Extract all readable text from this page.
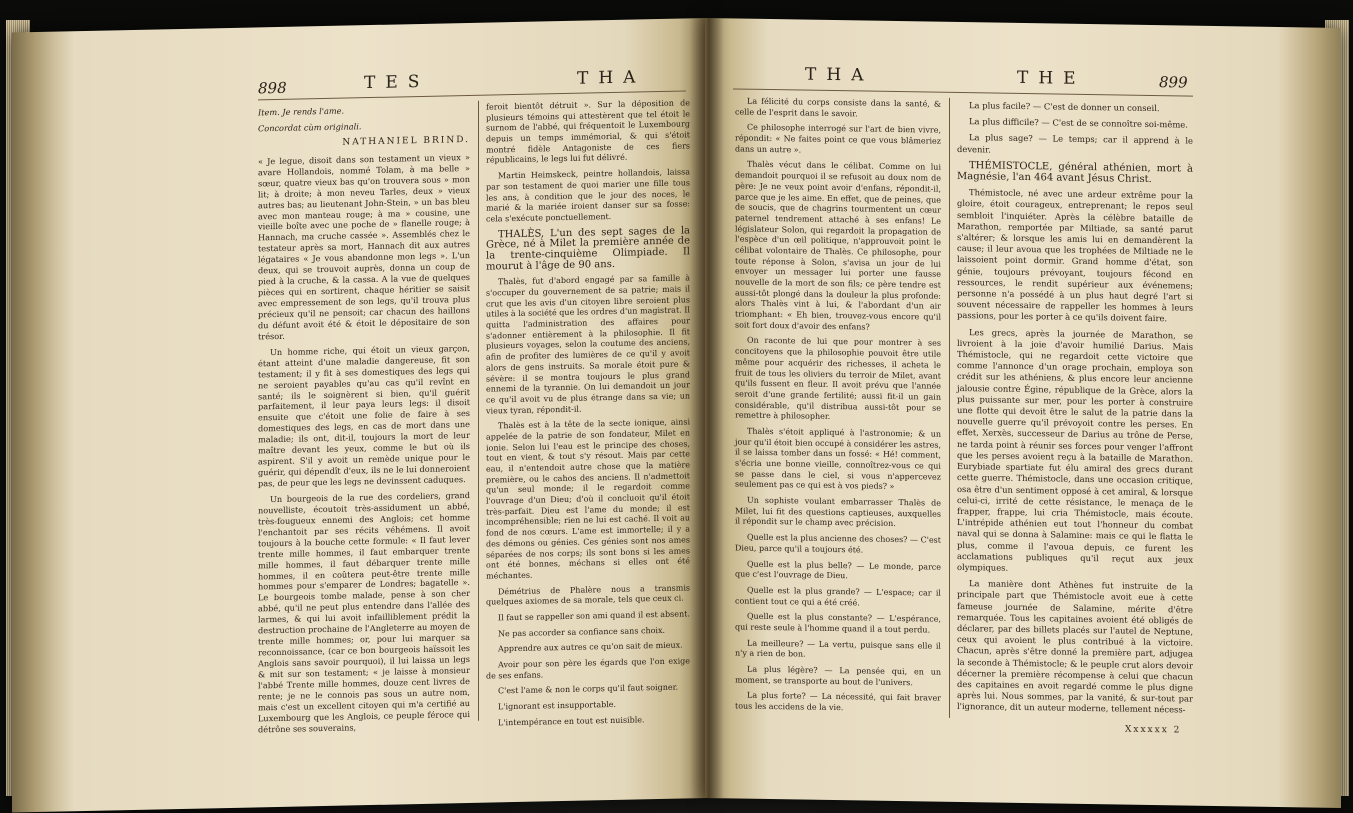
898	TES	THA

Item. Je rends l'ame.

Concordat cùm originali.

NATHANIEL BRIND.

« Je legue, disoit dans son testament un vieux » avare Hollandois, nommé Tolam, à ma belle » sœur, quatre vieux bas qu'on trouvera sous » mon lit; à droite; à mon neveu Tarles, deux » vieux autres bas; au lieutenant John-Stein, » un bas bleu avec mon manteau rouge; à ma » cousine, une vieille boîte avec une poche de » flanelle rouge; à Hannach, ma cruche cassée ». Assemblés chez le testateur après sa mort, Hannach dit aux autres légataires « Je vous abandonne mon legs ». L'un deux, qui se trouvoit auprès, donna un coup de pied à la cruche, & la cassa. A la vue de quelques pièces qui en sortirent, chaque héritier se saisit avec empressement de son legs, qu'il trouva plus précieux qu'il ne pensoit; car chacun des haillons du défunt avoit été & étoit le dépositaire de son trésor.

Un homme riche, qui étoit un vieux garçon, étant atteint d'une maladie dangereuse, fit son testament; il y fit à ses domestiques des legs qui ne seroient payables qu'au cas qu'il revînt en santé; ils le soignèrent si bien, qu'il guérit parfaitement, il leur paya leurs legs: il disoit ensuite que c'étoit une folie de faire à ses domestiques des legs, en cas de mort dans une maladie; ils ont, dit-il, toujours la mort de leur maître devant les yeux, comme le but où ils aspirent. S'il y avoit un remède unique pour le guérir, qui dépendît d'eux, ils ne le lui donneroient pas, de peur que les legs ne devinssent caduques.

Un bourgeois de la rue des cordeliers, grand nouvelliste, écoutoit très-assidument un abbé, très-fougueux ennemi des Anglois; cet homme l'enchantoit par ses récits véhémens. Il avoit toujours à la bouche cette formule: « Il faut lever trente mille hommes, il faut embarquer trente mille hommes, il faut débarquer trente mille hommes, il en coûtera peut-être trente mille hommes pour s'emparer de Londres; bagatelle ». Le bourgeois tombe malade, pense à son cher abbé, qu'il ne peut plus entendre dans l'allée des larmes, & qui lui avoit infailliblement prédit la destruction prochaine de l'Angleterre au moyen de trente mille hommes; or, pour lui marquer sa reconnoissance, (car ce bon bourgeois haïssoit les Anglois sans savoir pourquoi), il lui laissa un legs & mit sur son testament; « je laisse à monsieur l'abbé Trente mille hommes, douze cent livres de rente; je ne le connois pas sous un autre nom, mais c'est un excellent citoyen qui m'a certifié au Luxembourg que les Anglois, ce peuple féroce qui détrône ses souverains,

feroit bientôt détruit ». Sur la déposition de plusieurs témoins qui attestèrent que tel étoit le surnom de l'abbé, qui fréquentoit le Luxembourg depuis un temps immémorial, & qui s'étoit montré fidèle Antagoniste de ces fiers républicains, le legs lui fut délivré.

Martin Heimskeck, peintre hollandois, laissa par son testament de quoi marier une fille tous les ans, à condition que le jour des noces, le marié & la mariée iroient danser sur sa fosse: cela s'exécute ponctuellement.

THALÈS, L'un des sept sages de la Grèce, né à Milet la première année de la trente-cinquième Olimpiade. Il mourut à l'âge de 90 ans.

Thalès, fut d'abord engagé par sa famille à s'occuper du gouvernement de sa patrie; mais il crut que les avis d'un citoyen libre seroient plus utiles à la société que les ordres d'un magistrat. Il quitta l'administration des affaires pour s'adonner entièrement à la philosophie. Il fit plusieurs voyages, selon la coutume des anciens, afin de profiter des lumières de ce qu'il y avoit alors de gens instruits. Sa morale étoit pure & sévère: il se montra toujours le plus grand ennemi de la tyrannie. On lui demandoit un jour ce qu'il avoit vu de plus étrange dans sa vie; un vieux tyran, répondit-il.

Thalès est à la tête de la secte ionique, ainsi appelée de la patrie de son fondateur, Milet en ionie. Selon lui l'eau est le principe des choses, tout en vient, & tout s'y résout. Mais par cette eau, il n'entendoit autre chose que la matière première, ou le cahos des anciens. Il n'admettoit qu'un seul monde; il le regardoit comme l'ouvrage d'un Dieu; d'où il concluoit qu'il étoit très-parfait. Dieu est l'ame du monde; il est incompréhensible; rien ne lui est caché. Il voit au fond de nos cœurs. L'ame est immortelle; il y a des démons ou génies. Ces génies sont nos ames séparées de nos corps; ils sont bons si les ames ont été bonnes, méchans si elles ont été méchantes.

Démétrius de Phalère nous a transmis quelques axiomes de sa morale, tels que ceux ci.

Il faut se rappeller son ami quand il est absent.

Ne pas accorder sa confiance sans choix.

Apprendre aux autres ce qu'on sait de mieux.

Avoir pour son père les égards que l'on exige de ses enfans.

C'est l'ame & non le corps qu'il faut soigner.

L'ignorant est insupportable.

L'intempérance en tout est nuisible.

THA	THE	899

La félicité du corps consiste dans la santé, & celle de l'esprit dans le savoir.

Ce philosophe interrogé sur l'art de bien vivre, répondit: « Ne faites point ce que vous blâmeriez dans un autre ».

Thalès vécut dans le célibat. Comme on lui demandoit pourquoi il se refusoit au doux nom de père: Je ne veux point avoir d'enfans, répondit-il, parce que je les aime. En effet, que de peines, que de soucis, que de chagrins tourmentent un cœur paternel tendrement attaché à ses enfans! Le législateur Solon, qui regardoit la propagation de l'espèce d'un œil politique, n'approuvoit point le célibat volontaire de Thalès. Ce philosophe, pour toute réponse à Solon, s'avisa un jour de lui envoyer un messager lui porter une fausse nouvelle de la mort de son fils; ce père tendre est aussi-tôt plongé dans la douleur la plus profonde: alors Thalès vint à lui, & l'abordant d'un air triomphant: « Eh bien, trouvez-vous encore qu'il soit fort doux d'avoir des enfans?

On raconte de lui que pour montrer à ses concitoyens que la philosophie pouvoit être utile même pour acquérir des richesses, il acheta le fruit de tous les oliviers du terroir de Milet, avant qu'ils fussent en fleur. Il avoit prévu que l'année seroit d'une grande fertilité; aussi fit-il un gain considérable, qu'il distribua aussi-tôt pour se remettre à philosopher.

Thalès s'étoit appliqué à l'astronomie; & un jour qu'il étoit bien occupé à considérer les astres, il se laissa tomber dans un fossé: « Hé! comment, s'écria une bonne vieille, connoîtrez-vous ce qui se passe dans le ciel, si vous n'appercevez seulement pas ce qui est à vos pieds? »

Un sophiste voulant embarrasser Thalès de Milet, lui fit des questions captieuses, auxquelles il répondit sur le champ avec précision.

Quelle est la plus ancienne des choses? — C'est Dieu, parce qu'il a toujours été.

Quelle est la plus belle? — Le monde, parce que c'est l'ouvrage de Dieu.

Quelle est la plus grande? — L'espace; car il contient tout ce qui a été créé.

Quelle est la plus constante? — L'espérance, qui reste seule à l'homme quand il a tout perdu.

La meilleure? — La vertu, puisque sans elle il n'y a rien de bon.

La plus légère? — La pensée qui, en un moment, se transporte au bout de l'univers.

La plus forte? — La nécessité, qui fait braver tous les accidens de la vie.

La plus facile? — C'est de donner un conseil.

La plus difficile? — C'est de se connoître soi-même.

La plus sage? — Le temps; car il apprend à le devenir.

THÉMISTOCLE, général athénien, mort à Magnésie, l'an 464 avant Jésus Christ.

Thémistocle, né avec une ardeur extrême pour la gloire, étoit courageux, entreprenant; le repos seul sembloit l'inquiéter. Après la célèbre bataille de Marathon, remportée par Miltiade, sa santé parut s'altérer; & lorsque les amis lui en demandèrent la cause; il leur avoua que les trophées de Miltiade ne le laissoient point dormir. Grand homme d'état, son génie, toujours prévoyant, toujours fécond en ressources, le rendit supérieur aux événemens; personne n'a possédé à un plus haut degré l'art si souvent nécessaire de rappeller les hommes à leurs passions, pour les porter à ce qu'ils doivent faire.

Les grecs, après la journée de Marathon, se livroient à la joie d'avoir humilié Darius. Mais Thémistocle, qui ne regardoit cette victoire que comme l'annonce d'un orage prochain, employa son crédit sur les athéniens, & plus encore leur ancienne jalousie contre Égine, république de la Grèce, alors la plus puissante sur mer, pour les porter à construire une flotte qui devoit être le salut de la patrie dans la nouvelle guerre qu'il prévoyoit contre les perses. En effet, Xerxès, successeur de Darius au trône de Perse, ne tarda point à réunir ses forces pour venger l'affront que les perses avoient reçu à la bataille de Marathon. Eurybiade spartiate fut élu amiral des grecs durant cette guerre. Thémistocle, dans une occasion critique, osa être d'un sentiment opposé à cet amiral, & lorsque celui-ci, irrité de cette résistance, le menaça de le frapper, frappe, lui cria Thémistocle, mais écoute. L'intrépide athénien eut tout l'honneur du combat naval qui se donna à Salamine: mais ce qui le flatta le plus, comme il l'avoua depuis, ce furent les acclamations publiques qu'il reçut aux jeux olympiques.

La manière dont Athènes fut instruite de la principale part que Thémistocle avoit eue à cette fameuse journée de Salamine, mérite d'être remarquée. Tous les capitaines avoient été obligés de déclarer, par des billets placés sur l'autel de Neptune, ceux qui avoient le plus contribué à la victoire. Chacun, après s'être donné la première part, adjugea la seconde à Thémistocle; & le peuple crut alors devoir décerner la première récompense à celui que chacun des capitaines en avoit regardé comme le plus digne après lui. Nous sommes, par la vanité, & sur-tout par l'ignorance, dit un auteur moderne, tellement nécess-

Xxxxxx 2
